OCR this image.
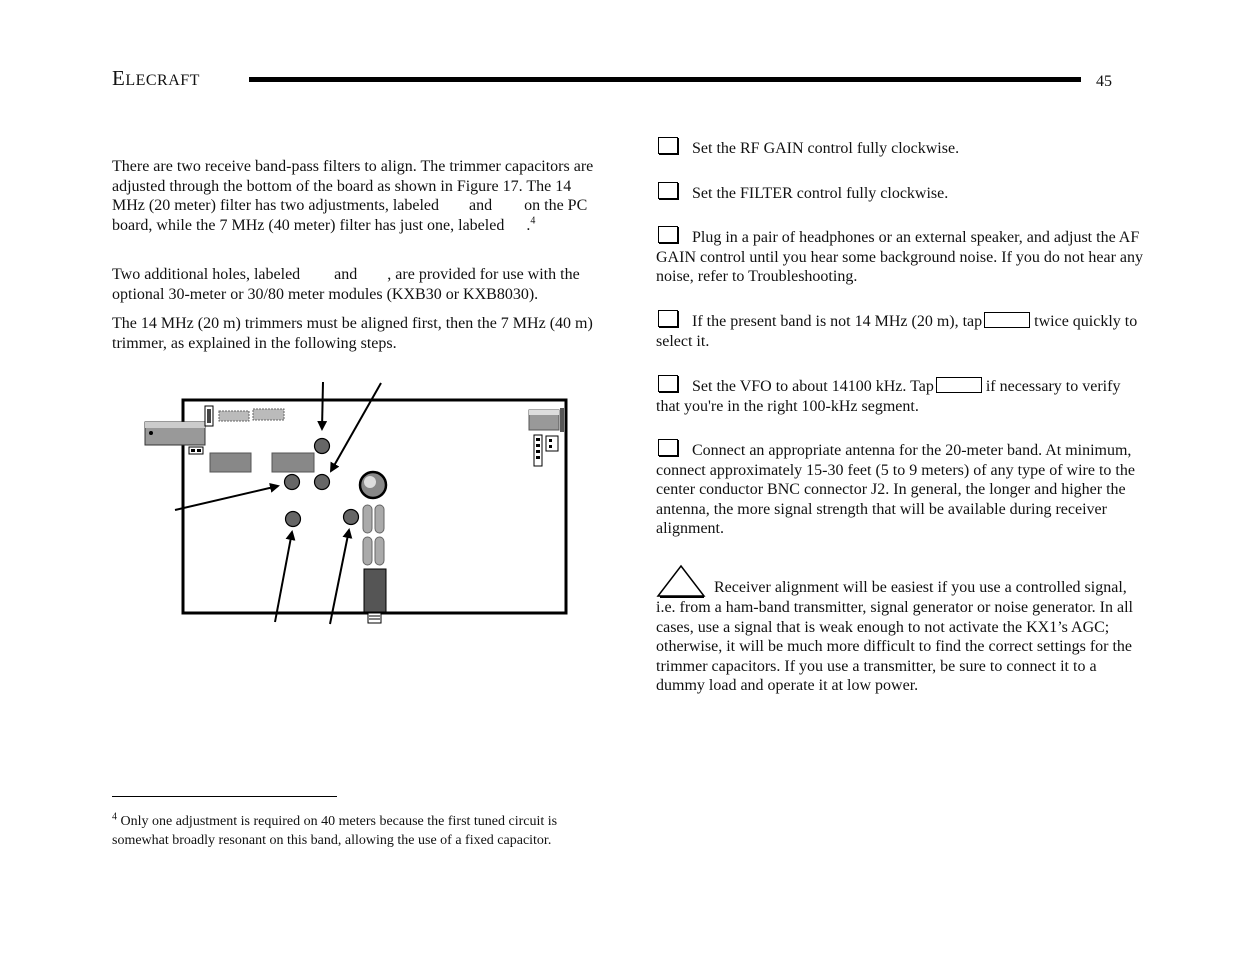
ELECRAFT	45

There are two receive band-pass filters to align. The trimmer capacitors are adjusted through the bottom of the board as shown in Figure 17. The 14 MHz (20 meter) filter has two adjustments, labeled and on the PC board, while the 7 MHz (40 meter) filter has just one, labeled .$^4$

Two additional holes, labeled and , are provided for use with the optional 30-meter or 30/80 meter modules (KXB30 or KXB8030).

The 14 MHz (20 m) trimmers must be aligned first, then the 7 MHz (40 m) trimmer, as explained in the following steps.

$^4$ Only one adjustment is required on 40 meters because the first tuned circuit is somewhat broadly resonant on this band, allowing the use of a fixed capacitor.

Set the RF GAIN control fully clockwise.

Set the FILTER control fully clockwise.

Plug in a pair of headphones or an external speaker, and adjust the AF GAIN control until you hear some background noise. If you do not hear any noise, refer to Troubleshooting.

If the present band is not 14 MHz (20 m), tap	twice quickly to select it.

Set the VFO to about 14100 kHz. Tap	if necessary to verify that you're in the right 100-kHz segment.

Connect an appropriate antenna for the 20-meter band. At minimum, connect approximately 15-30 feet (5 to 9 meters) of any type of wire to the center conductor BNC connector J2. In general, the longer and higher the antenna, the more signal strength that will be available during receiver alignment.

Receiver alignment will be easiest if you use a controlled signal, i.e. from a ham-band transmitter, signal generator or noise generator. In all cases, use a signal that is weak enough to not activate the KX1’s AGC; otherwise, it will be much more difficult to find the correct settings for the trimmer capacitors. If you use a transmitter, be sure to connect it to a dummy load and operate it at low power.
